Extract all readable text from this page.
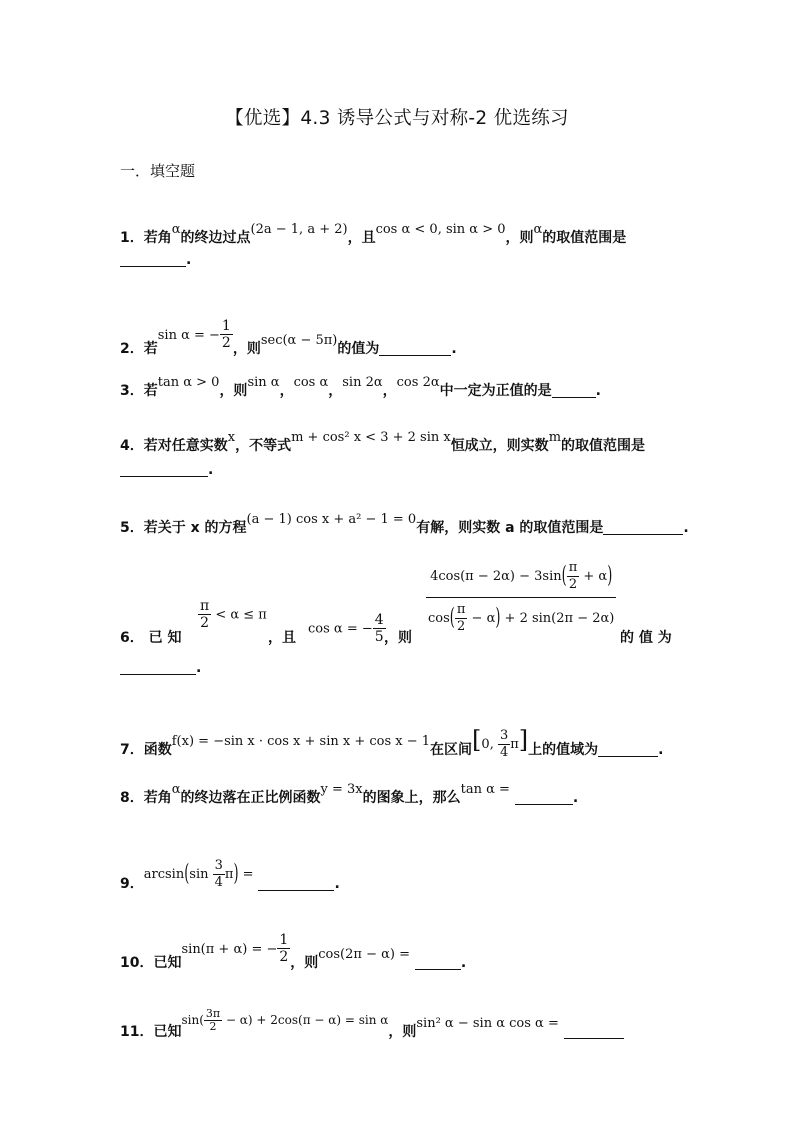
【优选】4.3 诱导公式与对称-2 优选练习
一．填空题
1．若角α的终边过点(2a − 1, a + 2)，且cos α < 0, sin α > 0，则α的取值范围是
.
2．若sin α = − $\frac{1}{2}$ ，则sec(α − 5π)的值为	.
3．若tan α > 0，则sin α，cos α，sin 2α，cos 2α中一定为正值的是	.
4．若对任意实数x，不等式m + cos² x < 3 + 2 sin x恒成立，则实数m的取值范围是
.
5．若关于 x 的方程(a − 1) cos x + a² − 1 = 0有解，则实数 a 的取值范围是	.
6． 已 知
$\frac{\pi}{2} < \alpha \le \pi$
，且
cos α = − $\frac{4}{5}$
，则
$4\cos(\pi - 2\alpha) - 3\sin( \frac{\pi}{2} + \alpha)$
$\cos( \frac{\pi}{2} - \alpha) + 2$ sin(2π − 2α)
的 值 为
.
7．函数f(x) = −sin x · cos x + sin x + cos x − 1在区间[0, $\frac{3}{4} \pi$]上的值域为	.
8．若角α的终边落在正比例函数y = 3x的图象上，那么tan α = .
9．$\arcsin(\sin \frac{3}{4} \pi)$ = .
10．已知sin(π + α) = − $\frac{1}{2}$ ，则cos(2π − α) = .
11．已知$\sin( \frac{3\pi}{2} - \alpha) + 2\cos(\pi - \alpha) = \sin \alpha$，则sin² α − sin α cos α =
